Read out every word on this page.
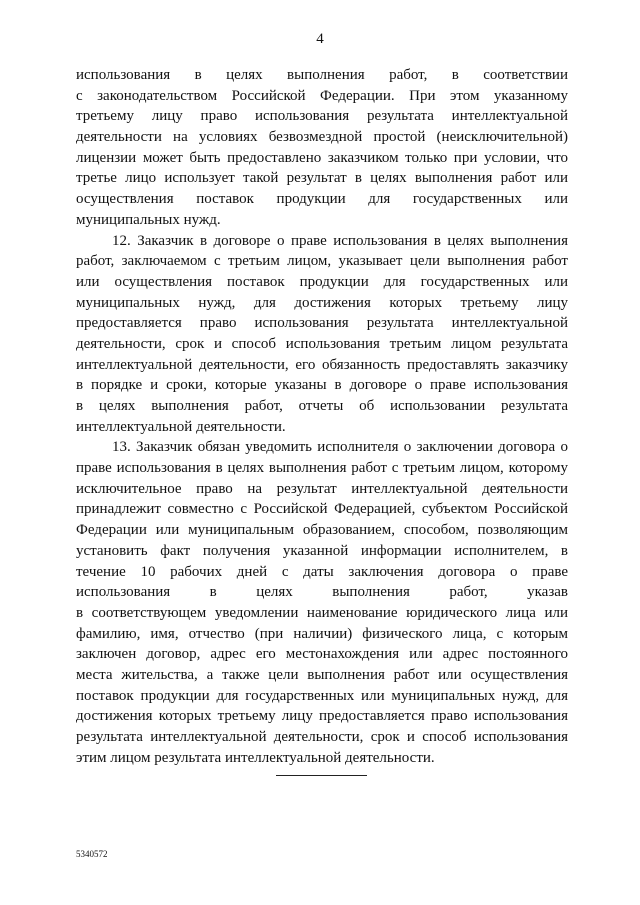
4
использования в целях выполнения работ, в соответствии
с законодательством Российской Федерации. При этом указанному
третьему лицу право использования результата интеллектуальной
деятельности на условиях безвозмездной простой (неисключительной)
лицензии может быть предоставлено заказчиком только при условии, что
третье лицо использует такой результат в целях выполнения работ или
осуществления поставок продукции для государственных или
муниципальных нужд.
12. Заказчик в договоре о праве использования в целях выполнения
работ, заключаемом с третьим лицом, указывает цели выполнения работ
или осуществления поставок продукции для государственных или
муниципальных нужд, для достижения которых третьему лицу
предоставляется право использования результата интеллектуальной
деятельности, срок и способ использования третьим лицом результата
интеллектуальной деятельности, его обязанность предоставлять заказчику
в порядке и сроки, которые указаны в договоре о праве использования
в целях выполнения работ, отчеты об использовании результата
интеллектуальной деятельности.
13. Заказчик обязан уведомить исполнителя о заключении договора о
праве использования в целях выполнения работ с третьим лицом, которому
исключительное право на результат интеллектуальной деятельности
принадлежит совместно с Российской Федерацией, субъектом Российской
Федерации или муниципальным образованием, способом, позволяющим
установить факт получения указанной информации исполнителем, в
течение 10 рабочих дней с даты заключения договора о праве
использования в целях выполнения работ, указав
в соответствующем уведомлении наименование юридического лица или
фамилию, имя, отчество (при наличии) физического лица, с которым
заключен договор, адрес его местонахождения или адрес постоянного
места жительства, а также цели выполнения работ или осуществления
поставок продукции для государственных или муниципальных нужд, для
достижения которых третьему лицу предоставляется право использования
результата интеллектуальной деятельности, срок и способ использования
этим лицом результата интеллектуальной деятельности.
5340572
